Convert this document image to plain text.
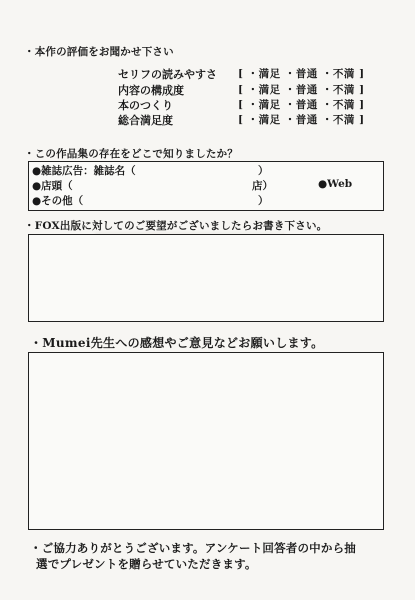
・本作の評価をお聞かせ下さい
セリフの読みやすさ [ ・満足 ・普通 ・不満 ]
内容の構成度	[ ・満足 ・普通 ・不満 ]
本のつくり	[ ・満足 ・普通 ・不満 ]
総合満足度	[ ・満足 ・普通 ・不満 ]
・この作品集の存在をどこで知りましたか？
●雑誌広告：雑誌名（	）
●店頭（	店）	●Web
●その他（	）
・FOX出版に対してのご要望がございましたらお書き下さい。
・Mumei先生への感想やご意見などお願いします。
・ご協力ありがとうございます。アンケート回答者の中から抽
選でプレゼントを贈らせていただきます。
